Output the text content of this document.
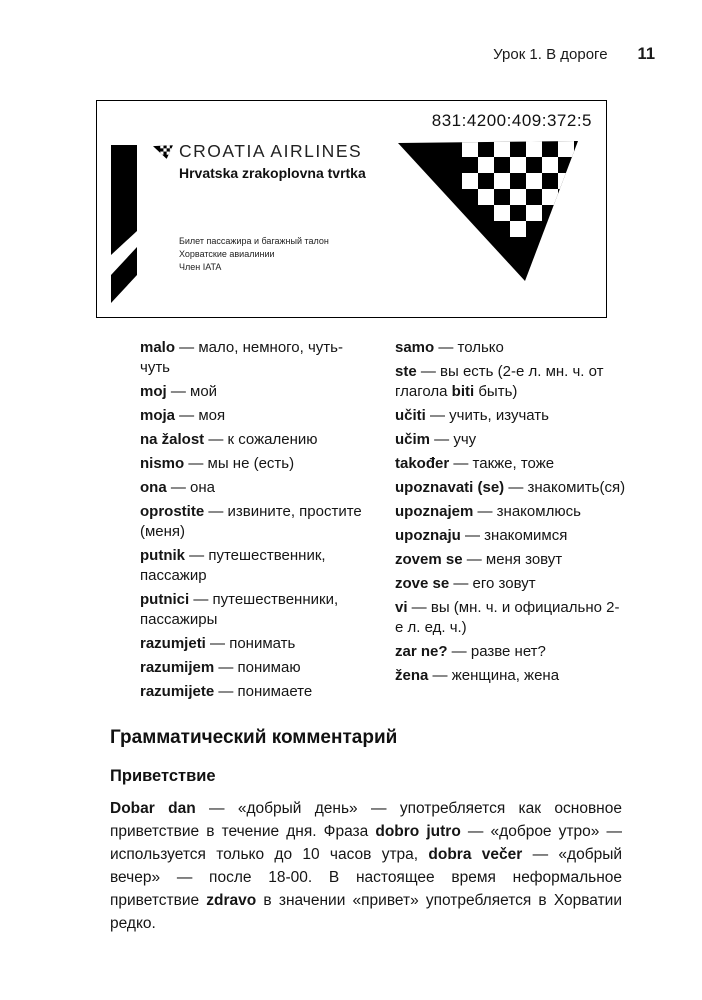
Урок 1. В дороге 11
831:4200:409:372:5
CROATIA AIRLINES
Hrvatska zrakoplovna tvrtka
Билет пассажира и багажный талон
Хорватские авиалинии
Член IATA
malo — мало, немного, чуть-чуть
moj — мой
moja — моя
na žalost — к сожалению
nismo — мы не (есть)
ona — она
oprostite — извините, простите (меня)
putnik — путешественник, пассажир
putnici — путешественники, пассажиры
razumjeti — понимать
razumijem — понимаю
razumijete — понимаете
samo — только
ste — вы есть (2-е л. мн. ч. от глагола biti быть)
učiti — учить, изучать
učim — учу
također — также, тоже
upoznavati (se) — знакомить(ся)
upoznajem — знакомлюсь
upoznaju — знакомимся
zovem se — меня зовут
zove se — его зовут
vi — вы (мн. ч. и официально 2-е л. ед. ч.)
zar ne? — разве нет?
žena — женщина, жена
Грамматический комментарий
Приветствие

Dobar dan — «добрый день» — употребляется как основное приветствие в течение дня. Фраза dobro jutro — «доброе утро» — используется только до 10 часов утра, dobra večer — «добрый вечер» — после 18-00. В настоящее время неформальное приветствие zdravo в значении «привет» употребляется в Хорватии редко.
